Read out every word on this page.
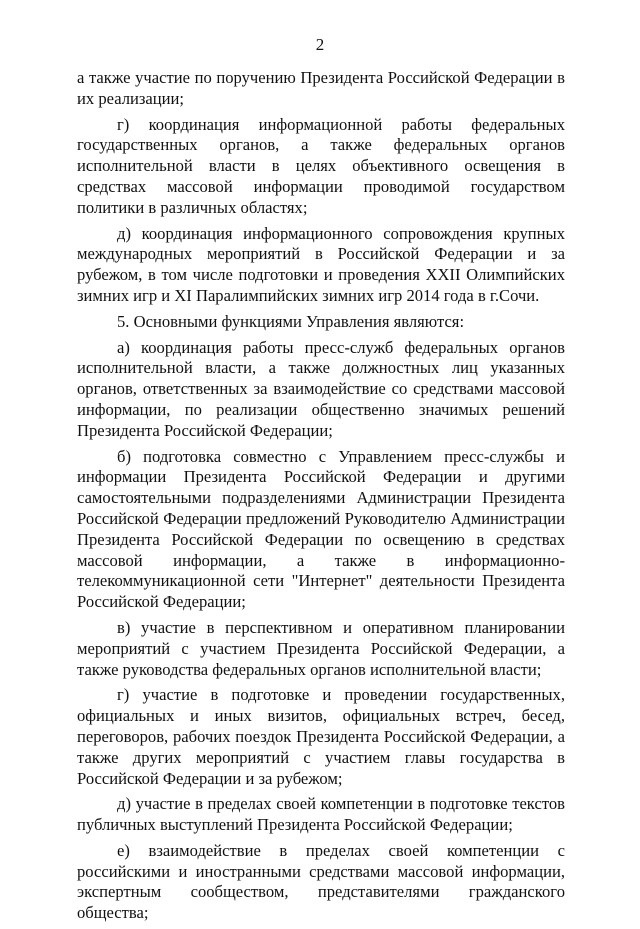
2

а также участие по поручению Президента Российской Федерации в их реализации;

г) координация информационной работы федеральных государственных органов, а также федеральных органов исполнительной власти в целях объективного освещения в средствах массовой информации проводимой государством политики в различных областях;

д) координация информационного сопровождения крупных международных мероприятий в Российской Федерации и за рубежом, в том числе подготовки и проведения XXII Олимпийских зимних игр и XI Паралимпийских зимних игр 2014 года в г.Сочи.

5. Основными функциями Управления являются:

а) координация работы пресс-служб федеральных органов исполнительной власти, а также должностных лиц указанных органов, ответственных за взаимодействие со средствами массовой информации, по реализации общественно значимых решений Президента Российской Федерации;

б) подготовка совместно с Управлением пресс-службы и информации Президента Российской Федерации и другими самостоятельными подразделениями Администрации Президента Российской Федерации предложений Руководителю Администрации Президента Российской Федерации по освещению в средствах массовой информации, а также в информационно-телекоммуникационной сети "Интернет" деятельности Президента Российской Федерации;

в) участие в перспективном и оперативном планировании мероприятий с участием Президента Российской Федерации, а также руководства федеральных органов исполнительной власти;

г) участие в подготовке и проведении государственных, официальных и иных визитов, официальных встреч, бесед, переговоров, рабочих поездок Президента Российской Федерации, а также других мероприятий с участием главы государства в Российской Федерации и за рубежом;

д) участие в пределах своей компетенции в подготовке текстов публичных выступлений Президента Российской Федерации;

е) взаимодействие в пределах своей компетенции с российскими и иностранными средствами массовой информации, экспертным сообществом, представителями гражданского общества;
